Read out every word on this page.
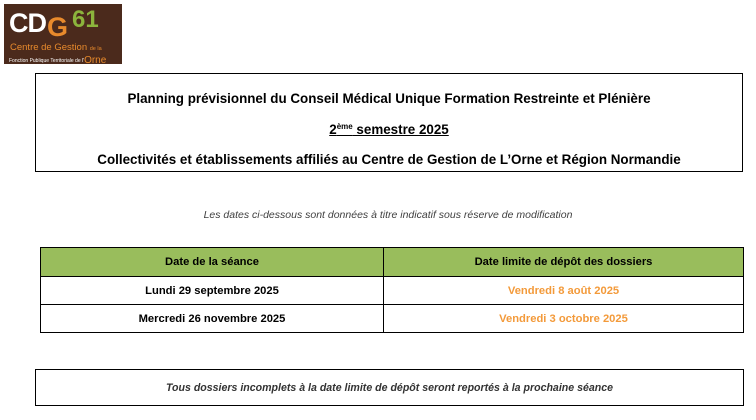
CD G 61
Centre de Gestion de la
Fonction Publique Territoriale de l'Orne
Planning prévisionnel du Conseil Médical Unique Formation Restreinte et Plénière
2ème semestre 2025
Collectivités et établissements affiliés au Centre de Gestion de L’Orne et Région Normandie
Les dates ci-dessous sont données à titre indicatif sous réserve de modification
Date de la séance	Date limite de dépôt des dossiers
Lundi 29 septembre 2025	Vendredi 8 août 2025
Mercredi 26 novembre 2025	Vendredi 3 octobre 2025
Tous dossiers incomplets à la date limite de dépôt seront reportés à la prochaine séance
